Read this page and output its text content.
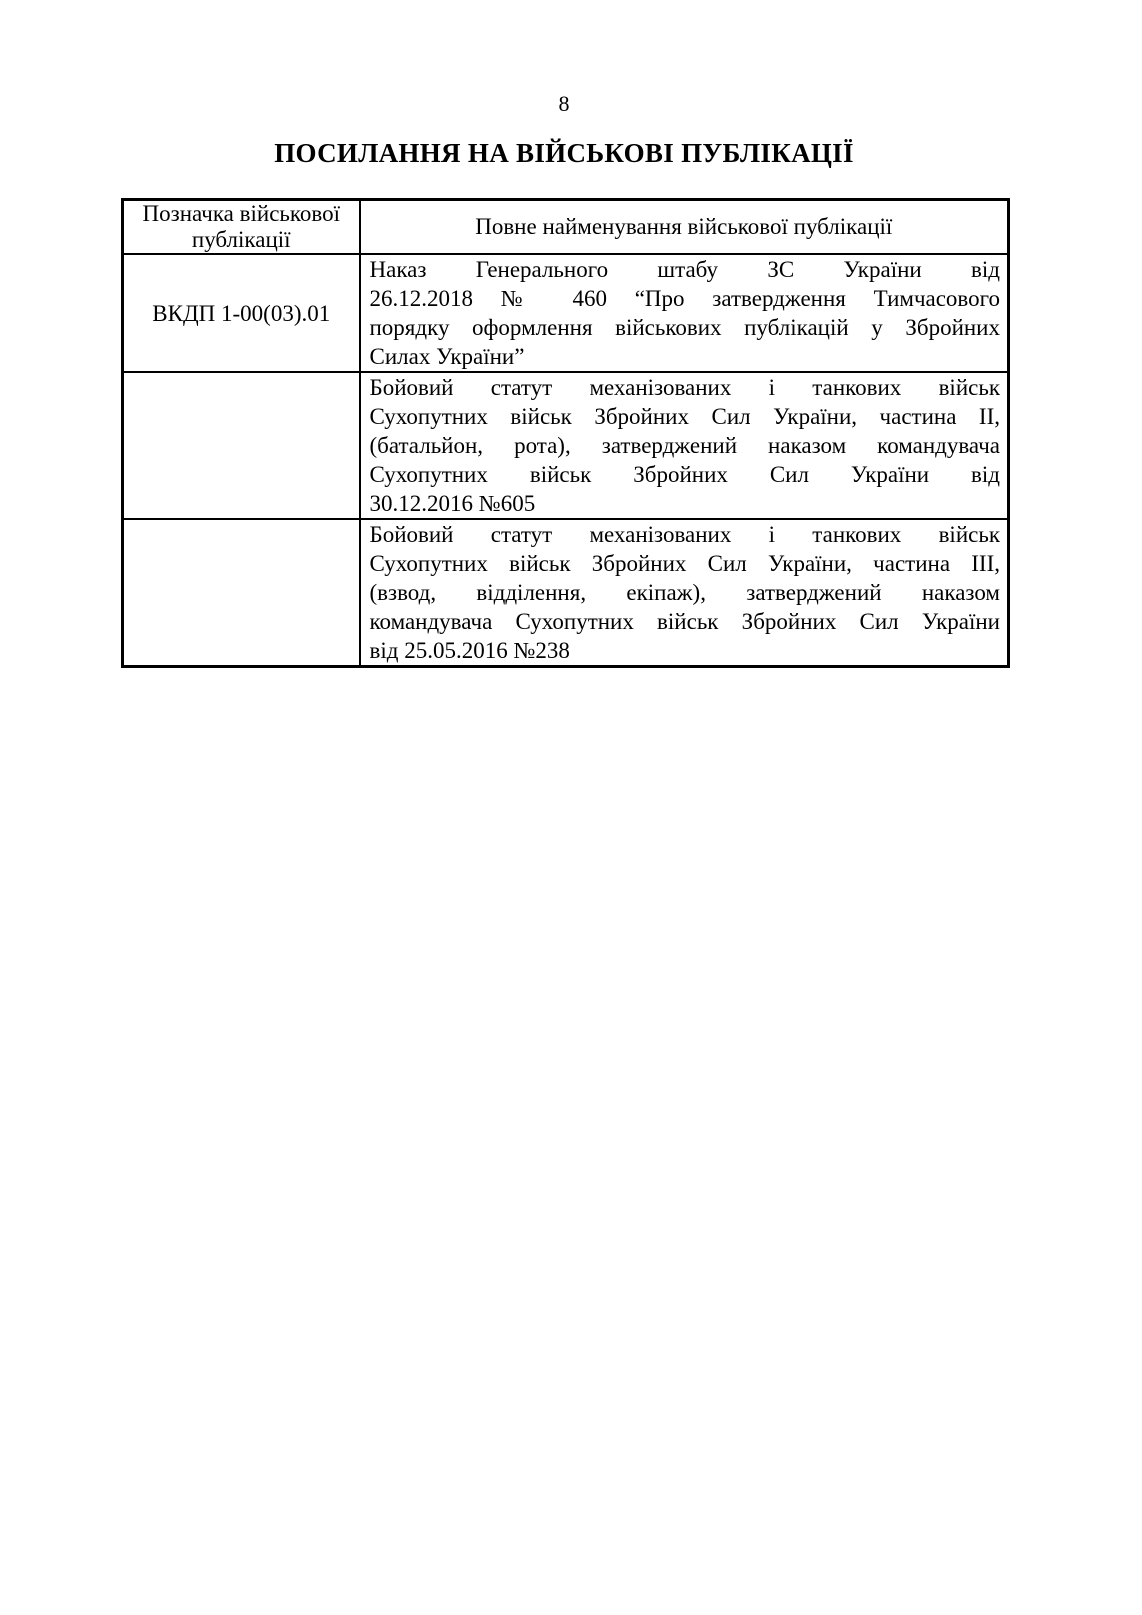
8
ПОСИЛАННЯ НА ВІЙСЬКОВІ ПУБЛІКАЦІЇ
Позначка військової публікації	Повне найменування військової публікації
ВКДП 1-00(03).01	Наказ Генерального штабу ЗС України від
26.12.2018 № 460 “Про затвердження Тимчасового
порядку оформлення військових публікацій у Збройних
Силах України”

	Бойовий статут механізованих і танкових військ
Сухопутних військ Збройних Сил України, частина II,
(батальйон, рота), затверджений наказом командувача
Сухопутних військ Збройних Сил України від
30.12.2016 №605

	Бойовий статут механізованих і танкових військ
Сухопутних військ Збройних Сил України, частина III,
(взвод, відділення, екіпаж), затверджений наказом
командувача Сухопутних військ Збройних Сил України
від 25.05.2016 №238
